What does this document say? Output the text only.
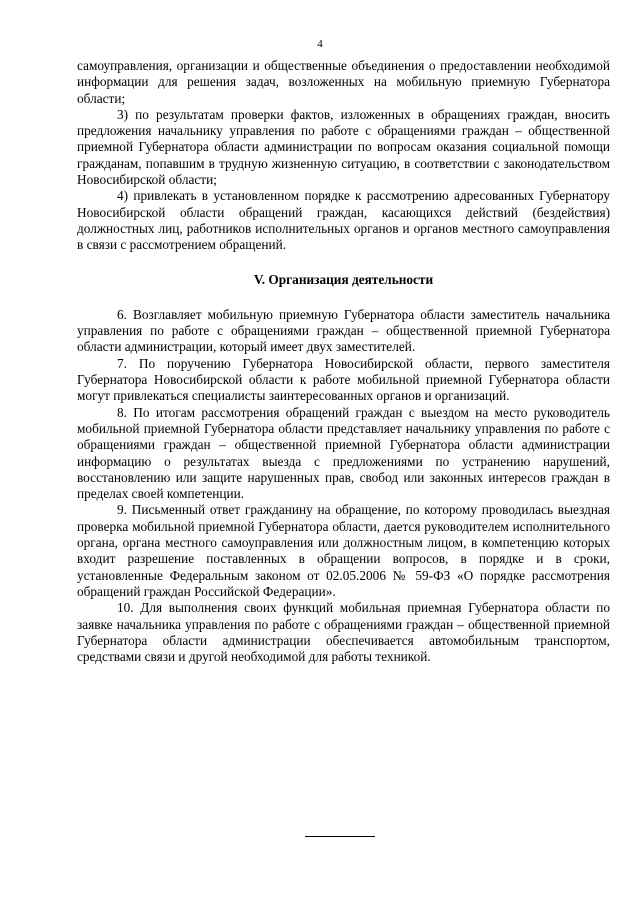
4

самоуправления, организации и общественные объединения о предоставлении необходимой информации для решения задач, возложенных на мобильную приемную Губернатора области;

3) по результатам проверки фактов, изложенных в обращениях граждан, вносить предложения начальнику управления по работе с обращениями граждан – общественной приемной Губернатора области администрации по вопросам оказания социальной помощи гражданам, попавшим в трудную жизненную ситуацию, в соответствии с законодательством Новосибирской области;

4) привлекать в установленном порядке к рассмотрению адресованных Губернатору Новосибирской области обращений граждан, касающихся действий (бездействия) должностных лиц, работников исполнительных органов и органов местного самоуправления в связи с рассмотрением обращений.

V. Организация деятельности

6. Возглавляет мобильную приемную Губернатора области заместитель начальника управления по работе с обращениями граждан – общественной приемной Губернатора области администрации, который имеет двух заместителей.

7. По поручению Губернатора Новосибирской области, первого заместителя Губернатора Новосибирской области к работе мобильной приемной Губернатора области могут привлекаться специалисты заинтересованных органов и организаций.

8. По итогам рассмотрения обращений граждан с выездом на место руководитель мобильной приемной Губернатора области представляет начальнику управления по работе с обращениями граждан – общественной приемной Губернатора области администрации информацию о результатах выезда с предложениями по устранению нарушений, восстановлению или защите нарушенных прав, свобод или законных интересов граждан в пределах своей компетенции.

9. Письменный ответ гражданину на обращение, по которому проводилась выездная проверка мобильной приемной Губернатора области, дается руководителем исполнительного органа, органа местного самоуправления или должностным лицом, в компетенцию которых входит разрешение поставленных в обращении вопросов, в порядке и в сроки, установленные Федеральным законом от 02.05.2006 № 59-ФЗ «О порядке рассмотрения обращений граждан Российской Федерации».

10. Для выполнения своих функций мобильная приемная Губернатора области по заявке начальника управления по работе с обращениями граждан – общественной приемной Губернатора области администрации обеспечивается автомобильным транспортом, средствами связи и другой необходимой для работы техникой.
